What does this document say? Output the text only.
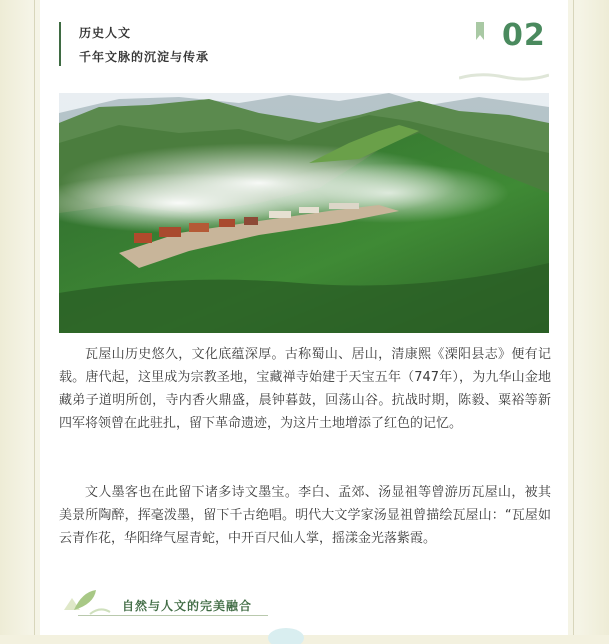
历史人文
千年文脉的沉淀与传承
02

瓦屋山历史悠久，文化底蕴深厚。古称蜀山、居山，清康熙《溧阳县志》便有记载。唐代起，这里成为宗教圣地，宝藏禅寺始建于天宝五年（747年），为九华山金地藏弟子道明所创，寺内香火鼎盛，晨钟暮鼓，回荡山谷。抗战时期，陈毅、粟裕等新四军将领曾在此驻扎，留下革命遗迹，为这片土地增添了红色的记忆。

文人墨客也在此留下诸多诗文墨宝。李白、孟郊、汤显祖等曾游历瓦屋山，被其美景所陶醉，挥毫泼墨，留下千古绝唱。明代大文学家汤显祖曾描绘瓦屋山：“瓦屋如云青作花，华阳绛气屋青蛇，中开百尺仙人掌，摇漾金光落紫霞。

自然与人文的完美融合
